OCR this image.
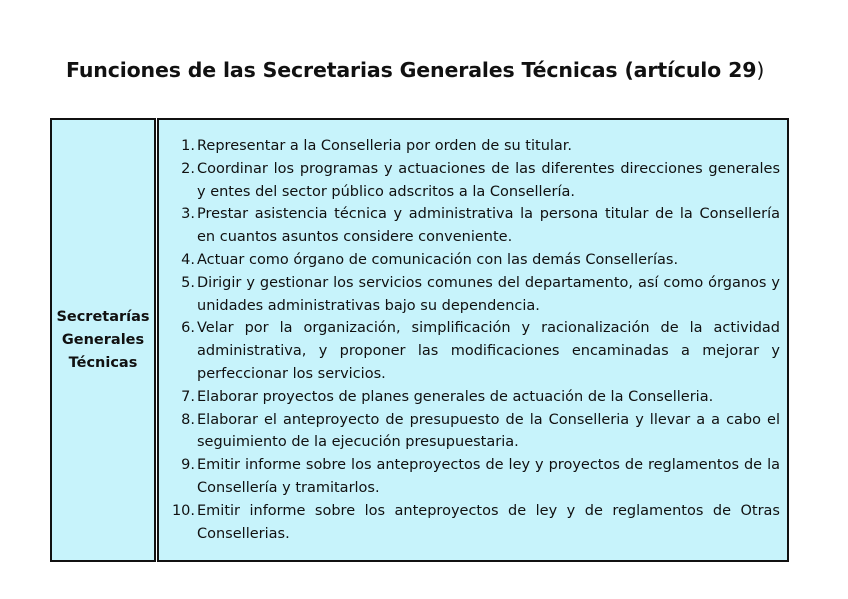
Funciones de las Secretarias Generales Técnicas (artículo 29)
Secretarías
Generales
Técnicas
1. Representar a la Conselleria por orden de su titular.
2. Coordinar los programas y actuaciones de las diferentes direcciones generales y entes del sector público adscritos a la Consellería.
3. Prestar asistencia técnica y administrativa la persona titular de la Consellería en cuantos asuntos considere conveniente.
4. Actuar como órgano de comunicación con las demás Consellerías.
5. Dirigir y gestionar los servicios comunes del departamento, así como órganos y unidades administrativas bajo su dependencia.
6. Velar por la organización, simplificación y racionalización de la actividad administrativa, y proponer las modificaciones encaminadas a mejorar y perfeccionar los servicios.
7. Elaborar proyectos de planes generales de actuación de la Conselleria.
8. Elaborar el anteproyecto de presupuesto de la Conselleria y llevar a a cabo el seguimiento de la ejecución presupuestaria.
9. Emitir informe sobre los anteproyectos de ley y proyectos de reglamentos de la Consellería y tramitarlos.
10. Emitir informe sobre los anteproyectos de ley y de reglamentos de Otras Consellerias.
